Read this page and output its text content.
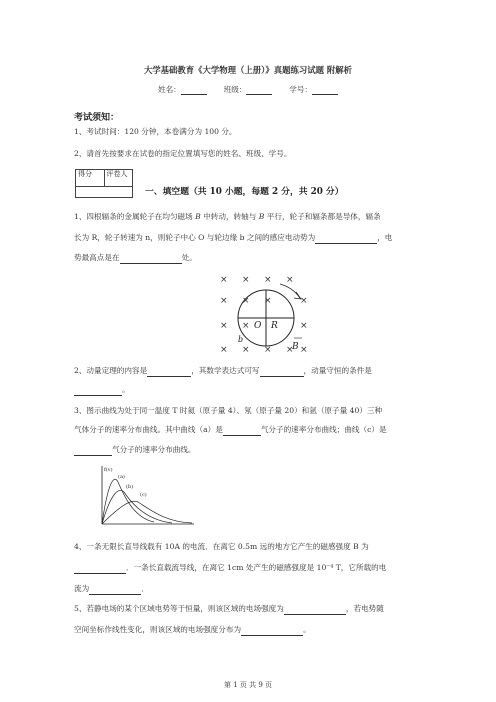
大学基础教育《大学物理（上册）》真题练习试题 附解析
姓名：	班级：	学号：
考试须知：
1、考试时间：120 分钟，本卷满分为 100 分。
2、请首先按要求在试卷的指定位置填写您的姓名、班级、学号。
得分	评卷人
一、填空题（共 10 小题，每题 2 分，共 20 分）
1、四根辐条的金属轮子在均匀磁场 B 中转动，转轴与 B 平行，轮子和辐条都是导体，辐条
长为 R，轮子转速为 n，则轮子中心 O 与轮边缘 b 之间的感应电动势为	，电
势最高点是在	处。
× × × ×
× × ×	×
× ×	×
× × × × ×
O R
b
B
2、动量定理的内容是	，其数学表达式可写	，动量守恒的条件是
。
3、图示曲线为处于同一温度 T 时氦（原子量 4）、氖（原子量 20）和氩（原子量 40）三种
气体分子的速率分布曲线。其中曲线（a）是	气分子的速率分布曲线；曲线（c）是
气分子的速率分布曲线。
f(v)
(a)
(b)
(c)
4、一条无限长直导线载有 10A 的电流．在离它 0.5m 远的地方它产生的磁感强度 B 为
．一条长直载流导线，在离它 1cm 处产生的磁感强度是 10⁻⁴ T，它所载的电
流为	．
5、若静电场的某个区域电势等于恒量，则该区域的电场强度为	，若电势随
空间坐标作线性变化，则该区域的电场强度分布为	。
第 1 页 共 9 页
